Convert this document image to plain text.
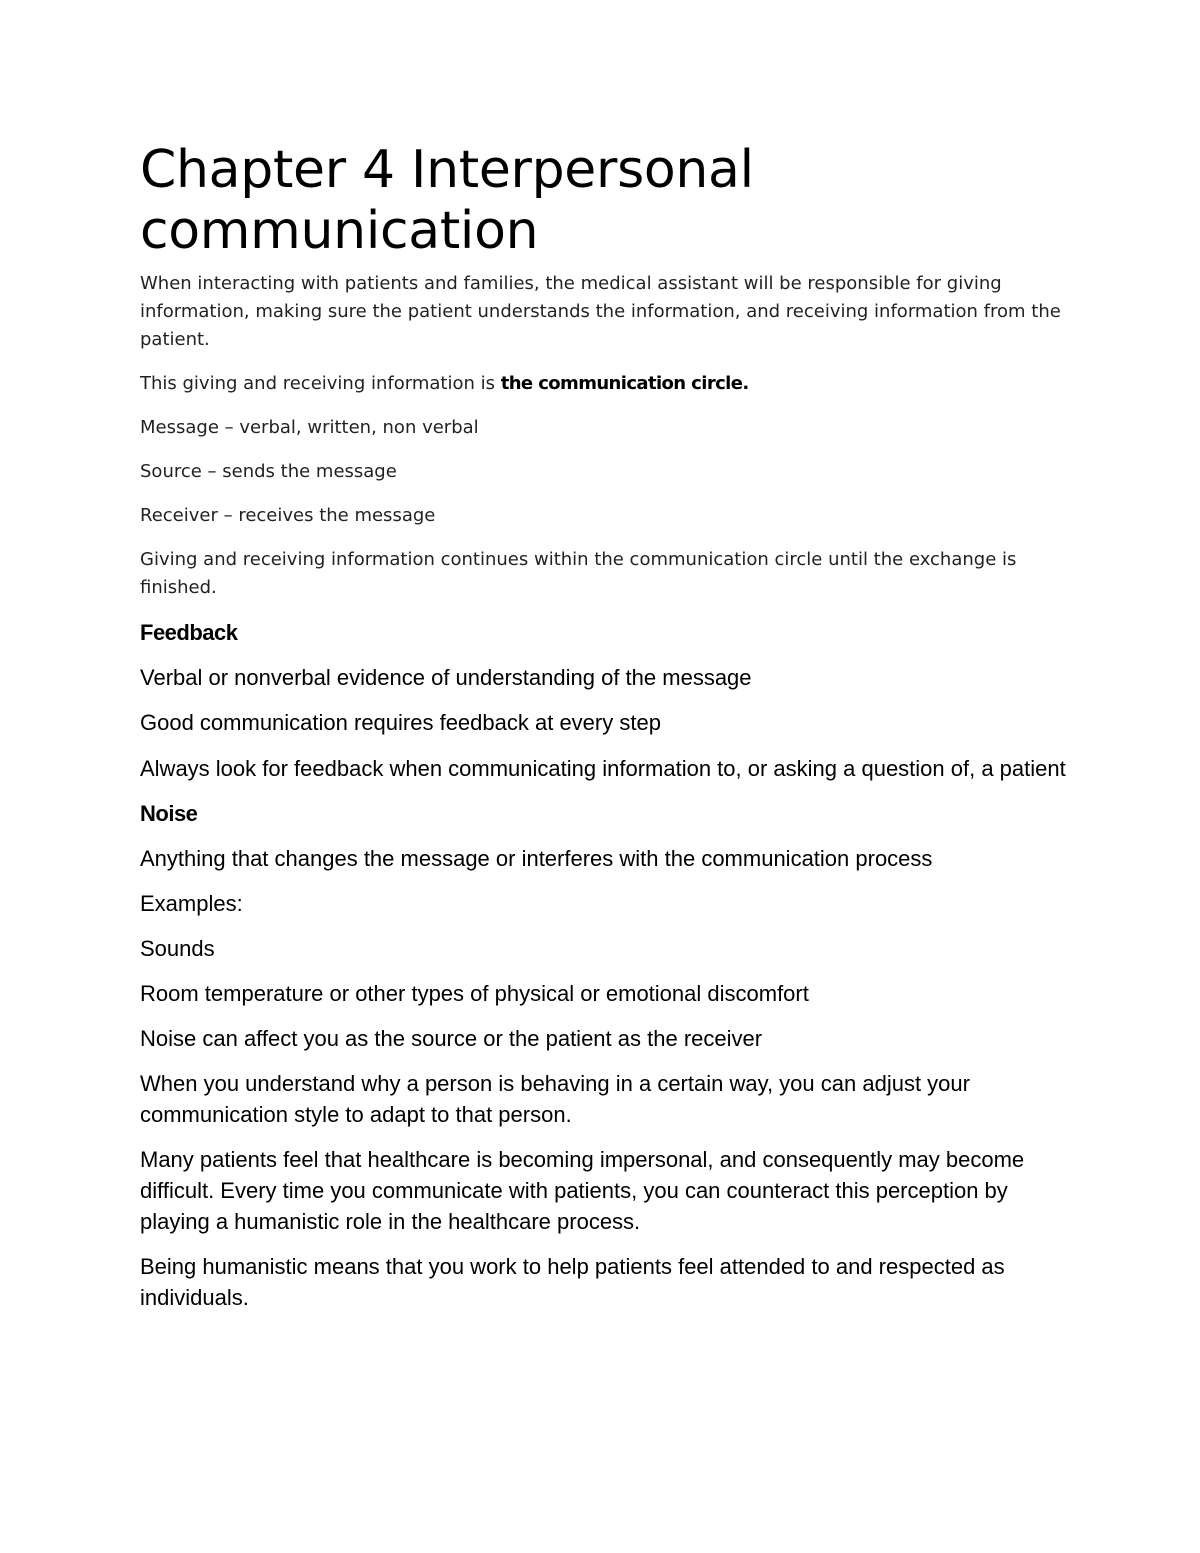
Chapter 4 Interpersonal communication

When interacting with patients and families, the medical assistant will be responsible for giving information, making sure the patient understands the information, and receiving information from the patient.

This giving and receiving information is the communication circle.

Message – verbal, written, non verbal

Source – sends the message

Receiver – receives the message

Giving and receiving information continues within the communication circle until the exchange is finished.

Feedback

Verbal or nonverbal evidence of understanding of the message

Good communication requires feedback at every step

Always look for feedback when communicating information to, or asking a question of, a patient

Noise

Anything that changes the message or interferes with the communication process

Examples:

Sounds

Room temperature or other types of physical or emotional discomfort

Noise can affect you as the source or the patient as the receiver

When you understand why a person is behaving in a certain way, you can adjust your communication style to adapt to that person.

Many patients feel that healthcare is becoming impersonal, and consequently may become difficult. Every time you communicate with patients, you can counteract this perception by playing a humanistic role in the healthcare process.

Being humanistic means that you work to help patients feel attended to and respected as individuals.
